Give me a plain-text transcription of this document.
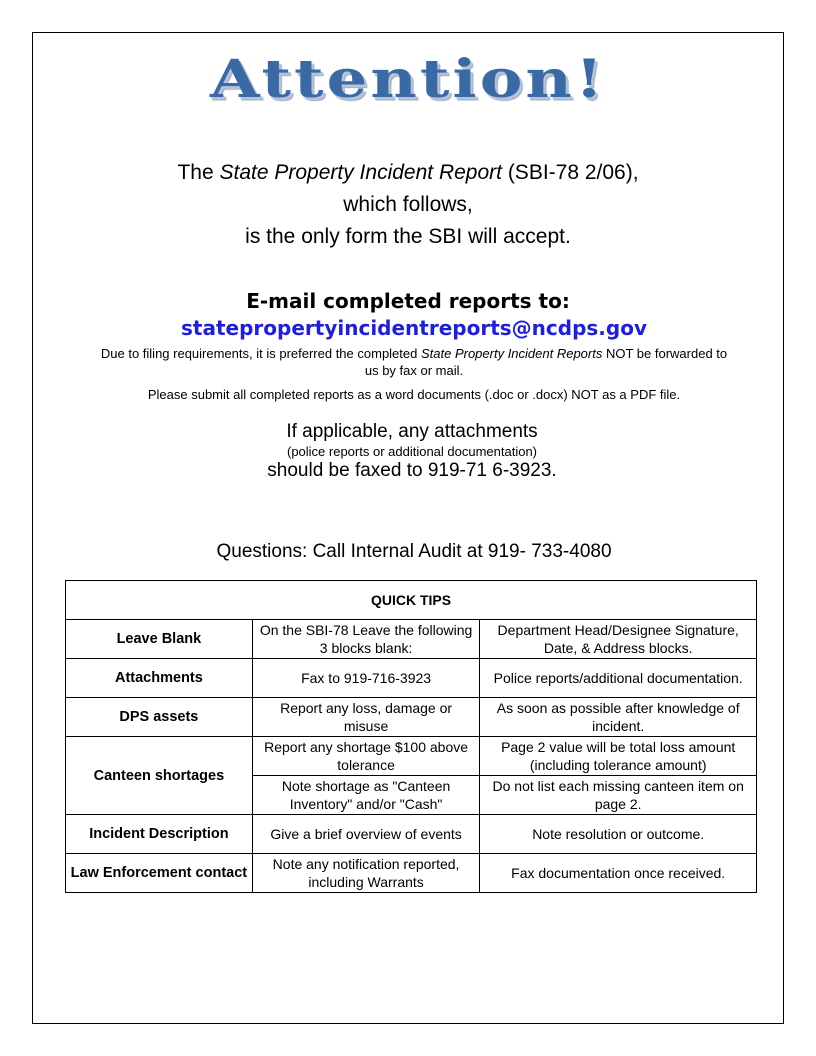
Attention!
The State Property Incident Report (SBI-78 2/06),
which follows,
is the only form the SBI will accept.
E-mail completed reports to:
statepropertyincidentreports@ncdps.gov
Due to filing requirements, it is preferred the completed State Property Incident Reports NOT be forwarded to us by fax or mail.
Please submit all completed reports as a word documents (.doc or .docx) NOT as a PDF file.
If applicable, any attachments
(police reports or additional documentation)
should be faxed to 919-71 6-3923.
Questions: Call Internal Audit at 919- 733-4080
QUICK TIPS		
Leave Blank	On the SBI-78 Leave the following 3 blocks blank:	Department Head/Designee Signature, Date, & Address blocks.
Attachments	Fax to 919-716-3923	Police reports/additional documentation.
DPS assets	Report any loss, damage or misuse	As soon as possible after knowledge of incident.
Canteen shortages	Report any shortage $100 above tolerance	Page 2 value will be total loss amount (including tolerance amount)
	Note shortage as "Canteen Inventory" and/or "Cash"	Do not list each missing canteen item on page 2.
Incident Description	Give a brief overview of events	Note resolution or outcome.
Law Enforcement contact	Note any notification reported, including Warrants	Fax documentation once received.
